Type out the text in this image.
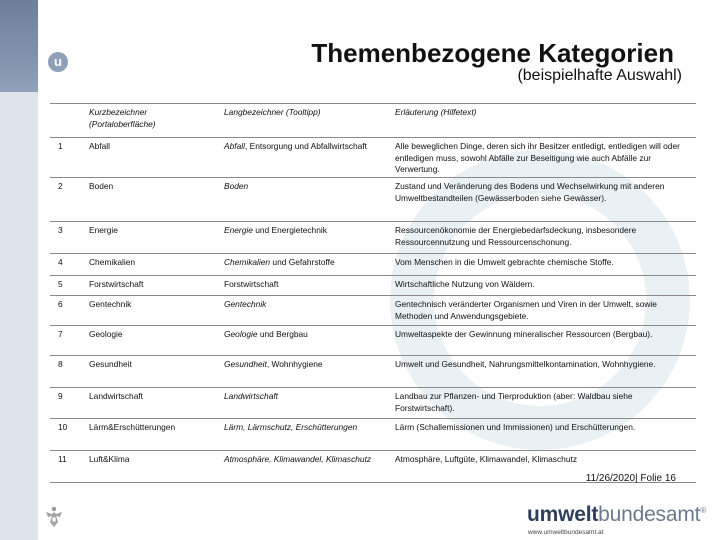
u	Themenbezogene Kategorien
(beispielhafte Auswahl)
	Kurzbezeichner (Portaloberfläche)	Langbezeichner (Tooltipp)	Erläuterung (Hilfetext)
1	Abfall	Abfall, Entsorgung und Abfallwirtschaft	Alle beweglichen Dinge, deren sich ihr Besitzer entledigt, entledigen will oder entledigen muss, sowohl Abfälle zur Beseitigung wie auch Abfälle zur Verwertung.
2	Boden	Boden	Zustand und Veränderung des Bodens und Wechselwirkung mit anderen Umweltbestandteilen (Gewässerboden siehe Gewässer).
3	Energie	Energie und Energietechnik	Ressourcenökonomie der Energiebedarfsdeckung, insbesondere Ressourcennutzung und Ressourcenschonung.
4	Chemikalien	Chemikalien und Gefahrstoffe	Vom Menschen in die Umwelt gebrachte chemische Stoffe.
5	Forstwirtschaft	Forstwirtschaft	Wirtschaftliche Nutzung von Wäldern.
6	Gentechnik	Gentechnik	Gentechnisch veränderter Organismen und Viren in der Umwelt, sowie Methoden und Anwendungsgebiete.
7	Geologie	Geologie und Bergbau	Umweltaspekte der Gewinnung mineralischer Ressourcen (Bergbau).
8	Gesundheit	Gesundheit, Wohnhygiene	Umwelt und Gesundheit, Nahrungsmittelkontamination, Wohnhygiene.
9	Landwirtschaft	Landwirtschaft	Landbau zur Pflanzen- und Tierproduktion (aber: Waldbau siehe Forstwirtschaft).
10	Lärm&Erschütterungen	Lärm, Lärmschutz, Erschütterungen	Lärm (Schallemissionen und Immissionen) und Erschütterungen.
11	Luft&Klima	Atmosphäre, Klimawandel, Klimaschutz	Atmosphäre, Luftgüte, Klimawandel, Klimaschutz
11/26/2020| Folie 16
umweltbundesamt®
www.umweltbundesamt.at
